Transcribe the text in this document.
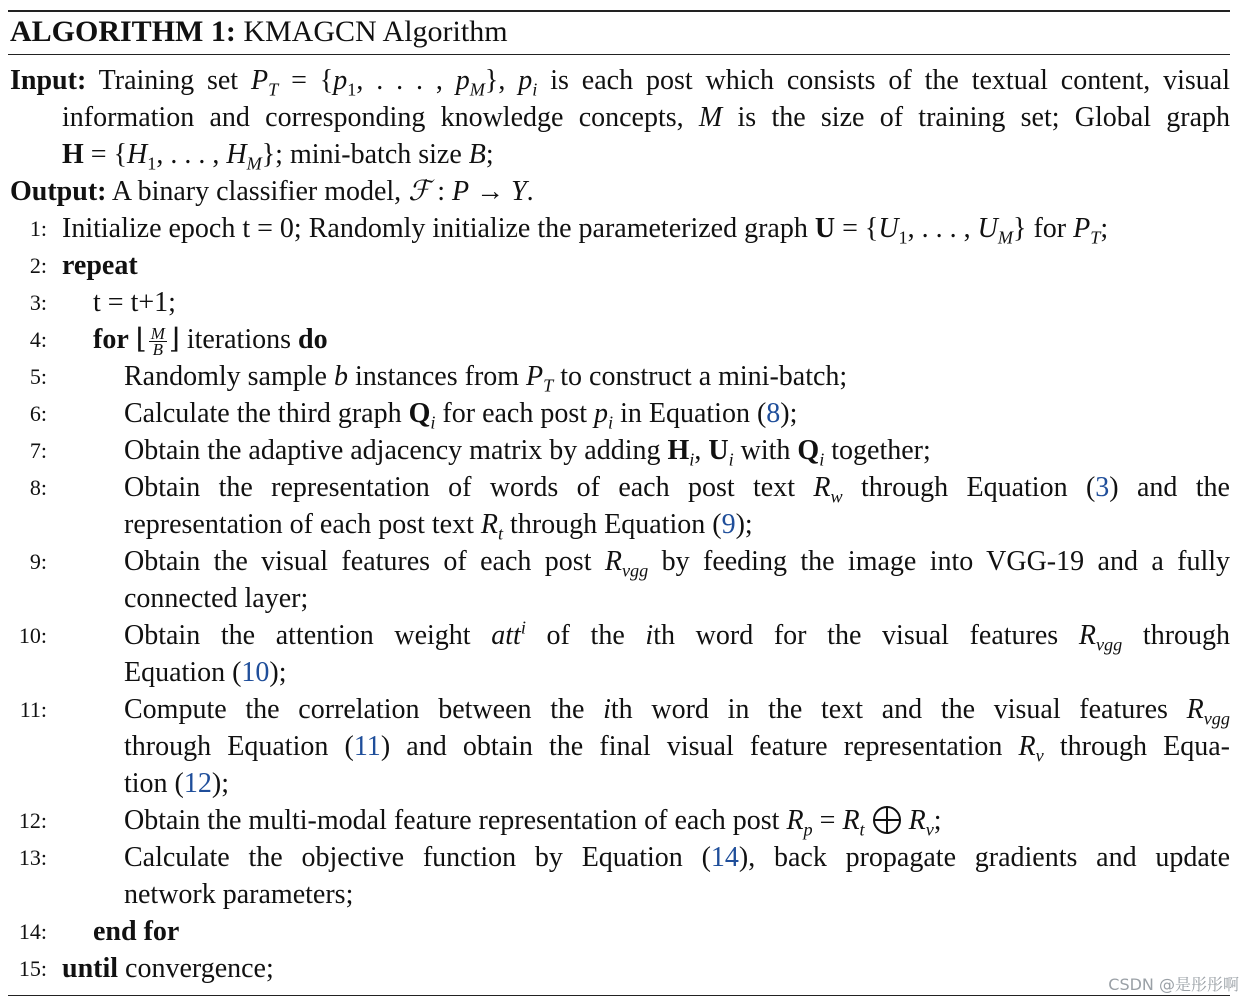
ALGORITHM 1: KMAGCN Algorithm
Input: Training set $P_T = \{p_1$, . . . , $p_M$}, $p_i$ is each post which consists of the textual content, visual
information and corresponding knowledge concepts, M is the size of training set; Global graph
$H = \{H_1$, . . . , $H_M$}; mini-batch size B;
Output: A binary classifier model, ℱ : P → Y.
1: Initialize epoch t = 0; Randomly initialize the parameterized graph $U = \{U_1$, . . . , $U_M$} for $P_T$;
2: repeat
3: t = t+1;
4: for ⌊ $\frac{M}{B}$ ⌋ iterations do
5:	Randomly sample b instances from $P_T$ to construct a mini-batch;
6:	Calculate the third graph $Q_i$ for each post $p_i$ in Equation (8);
7:	Obtain the adaptive adjacency matrix by adding $H_i$, $U_i$ with $Q_i$ together;
8:	Obtain the representation of words of each post text $R_w$ through Equation (3) and the
representation of each post text $R_t$ through Equation (9);
9:	Obtain the visual features of each post $R_{vgg}$ by feeding the image into VGG-19 and a fully
connected layer;
10:	Obtain the attention weight att$^i$ of the ith word for the visual features $R_{vgg}$ through
Equation (10);
11:	Compute the correlation between the ith word in the text and the visual features $R_{vgg}$
through Equation (11) and obtain the final visual feature representation $R_v$ through Equa-
tion (12);
12:	Obtain the multi-modal feature representation of each post $R_p = R_t$ $R_v$;
13:	Calculate the objective function by Equation (14), back propagate gradients and update
network parameters;
14: end for
15: until convergence;
CSDN @是彤彤啊
